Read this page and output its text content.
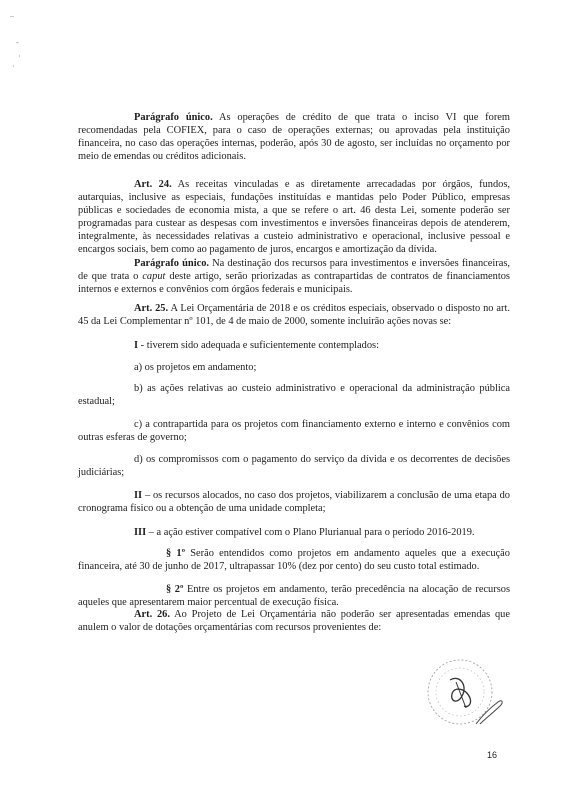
..
-
·
·

Parágrafo único. As operações de crédito de que trata o inciso VI que forem recomendadas pela COFIEX, para o caso de operações externas; ou aprovadas pela instituição financeira, no caso das operações internas, poderão, após 30 de agosto, ser incluídas no orçamento por meio de emendas ou créditos adicionais.

Art. 24. As receitas vinculadas e as diretamente arrecadadas por órgãos, fundos, autarquias, inclusive as especiais, fundações instituídas e mantidas pelo Poder Público, empresas públicas e sociedades de economia mista, a que se refere o art. 46 desta Lei, somente poderão ser programadas para custear as despesas com investimentos e inversões financeiras depois de atenderem, integralmente, às necessidades relativas a custeio administrativo e operacional, inclusive pessoal e encargos sociais, bem como ao pagamento de juros, encargos e amortização da dívida.

Parágrafo único. Na destinação dos recursos para investimentos e inversões financeiras, de que trata o caput deste artigo, serão priorizadas as contrapartidas de contratos de financiamentos internos e externos e convênios com órgãos federais e municipais.

Art. 25. A Lei Orçamentária de 2018 e os créditos especiais, observado o disposto no art. 45 da Lei Complementar nº 101, de 4 de maio de 2000, somente incluirão ações novas se:

I - tiverem sido adequada e suficientemente contemplados:

a) os projetos em andamento;

b) as ações relativas ao custeio administrativo e operacional da administração pública estadual;

c) a contrapartida para os projetos com financiamento externo e interno e convênios com outras esferas de governo;

d) os compromissos com o pagamento do serviço da dívida e os decorrentes de decisões judiciárias;

II – os recursos alocados, no caso dos projetos, viabilizarem a conclusão de uma etapa do cronograma físico ou a obtenção de uma unidade completa;

III – a ação estiver compatível com o Plano Plurianual para o período 2016-2019.

§ 1º Serão entendidos como projetos em andamento aqueles que a execução financeira, até 30 de junho de 2017, ultrapassar 10% (dez por cento) do seu custo total estimado.

§ 2º Entre os projetos em andamento, terão precedência na alocação de recursos aqueles que apresentarem maior percentual de execução física.

Art. 26. Ao Projeto de Lei Orçamentária não poderão ser apresentadas emendas que anulem o valor de dotações orçamentárias com recursos provenientes de:

16
